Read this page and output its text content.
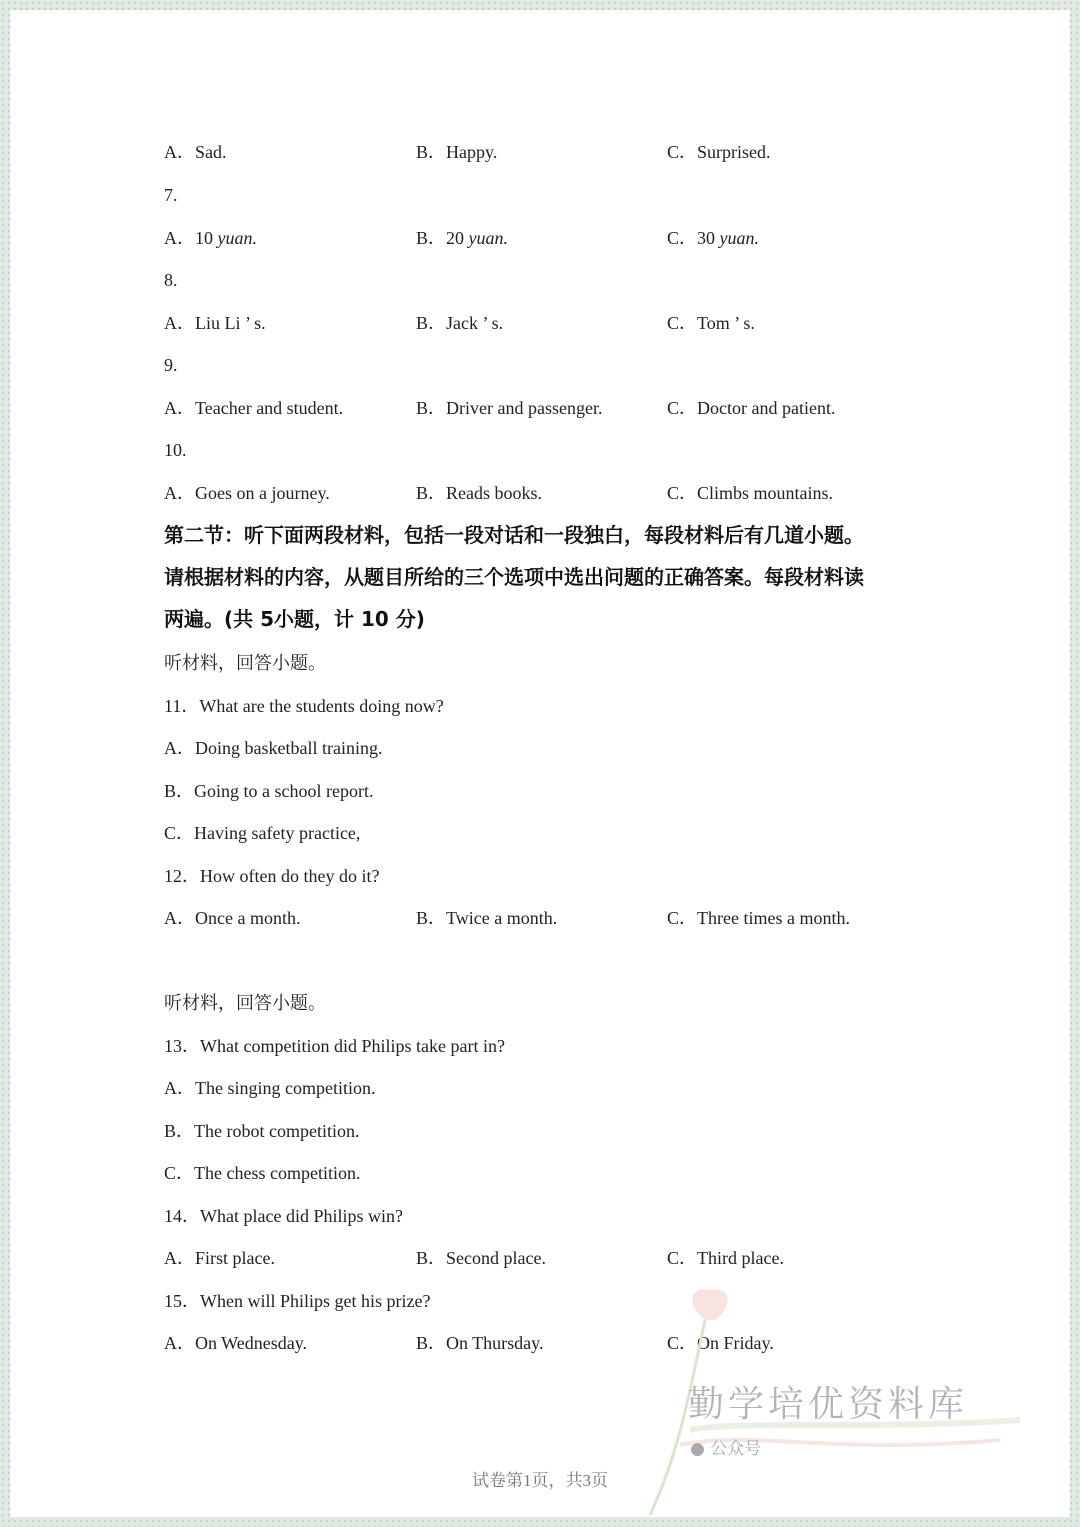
A．Sad.	B．Happy.	C．Surprised.
7.
A．10 yuan.	B．20 yuan.	C．30 yuan.
8.
A．Liu Li ’ s.	B．Jack ’ s.	C．Tom ’ s.
9.
A．Teacher and student.	B．Driver and passenger.	C．Doctor and patient.
10.
A．Goes on a journey.	B．Reads books.	C．Climbs mountains.
第二节：听下面两段材料，包括一段对话和一段独白，每段材料后有几道小题。
请根据材料的内容，从题目所给的三个选项中选出问题的正确答案。每段材料读
两遍。(共 5小题，计 10 分)
听材料，回答小题。
11．What are the students doing now?
A．Doing basketball training.
B．Going to a school report.
C．Having safety practice,
12．How often do they do it?
A．Once a month.	B．Twice a month.	C．Three times a month.
听材料，回答小题。
13．What competition did Philips take part in?
A．The singing competition.
B．The robot competition.
C．The chess competition.
14．What place did Philips win?
A．First place.	B．Second place.	C．Third place.
15．When will Philips get his prize?
A．On Wednesday.	B．On Thursday.	C．On Friday.
勤学培优资料库
● 公众号
试卷第1页，共3页
